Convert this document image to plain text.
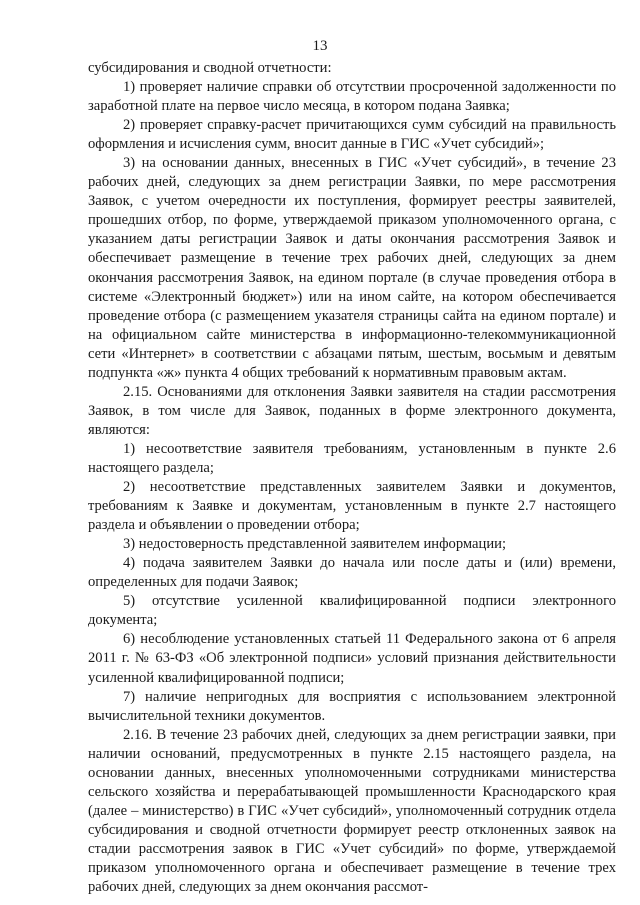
13

субсидирования и сводной отчетности:

1) проверяет наличие справки об отсутствии просроченной задолженности по заработной плате на первое число месяца, в котором подана Заявка;

2) проверяет справку-расчет причитающихся сумм субсидий на правильность оформления и исчисления сумм, вносит данные в ГИС «Учет субсидий»;

3) на основании данных, внесенных в ГИС «Учет субсидий», в течение 23 рабочих дней, следующих за днем регистрации Заявки, по мере рассмотрения Заявок, с учетом очередности их поступления, формирует реестры заявителей, прошедших отбор, по форме, утверждаемой приказом уполномоченного органа, с указанием даты регистрации Заявок и даты окончания рассмотрения Заявок и обеспечивает размещение в течение трех рабочих дней, следующих за днем окончания рассмотрения Заявок, на едином портале (в случае проведения отбора в системе «Электронный бюджет») или на ином сайте, на котором обеспечивается проведение отбора (с размещением указателя страницы сайта на едином портале) и на официальном сайте министерства в информационно-телекоммуникационной сети «Интернет» в соответствии с абзацами пятым, шестым, восьмым и девятым подпункта «ж» пункта 4 общих требований к нормативным правовым актам.

2.15. Основаниями для отклонения Заявки заявителя на стадии рассмотрения Заявок, в том числе для Заявок, поданных в форме электронного документа, являются:

1) несоответствие заявителя требованиям, установленным в пункте 2.6 настоящего раздела;

2) несоответствие представленных заявителем Заявки и документов, требованиям к Заявке и документам, установленным в пункте 2.7 настоящего раздела и объявлении о проведении отбора;

3) недостоверность представленной заявителем информации;

4) подача заявителем Заявки до начала или после даты и (или) времени, определенных для подачи Заявок;

5) отсутствие усиленной квалифицированной подписи электронного документа;

6) несоблюдение установленных статьей 11 Федерального закона от 6 апреля 2011 г. № 63-ФЗ «Об электронной подписи» условий признания действительности усиленной квалифицированной подписи;

7) наличие непригодных для восприятия с использованием электронной вычислительной техники документов.

2.16. В течение 23 рабочих дней, следующих за днем регистрации заявки, при наличии оснований, предусмотренных в пункте 2.15 настоящего раздела, на основании данных, внесенных уполномоченными сотрудниками министерства сельского хозяйства и перерабатывающей промышленности Краснодарского края (далее – министерство) в ГИС «Учет субсидий», уполномоченный сотрудник отдела субсидирования и сводной отчетности формирует реестр отклоненных заявок на стадии рассмотрения заявок в ГИС «Учет субсидий» по форме, утверждаемой приказом уполномоченного органа и обеспечивает размещение в течение трех рабочих дней, следующих за днем окончания рассмот-
